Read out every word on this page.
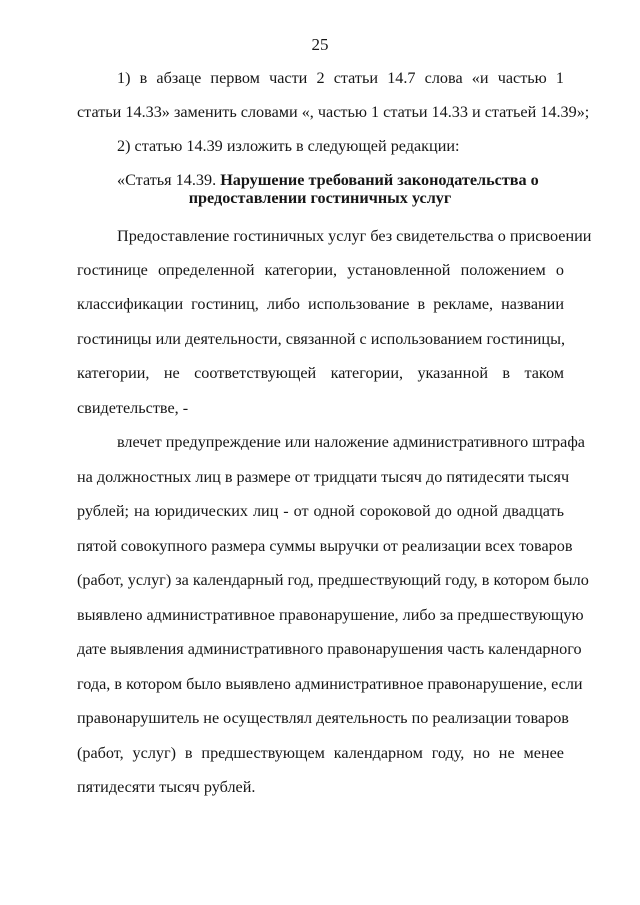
25
1) в абзаце первом части 2 статьи 14.7 слова «и частью 1
статьи 14.33» заменить словами «, частью 1 статьи 14.33 и статьей 14.39»;
2) статью 14.39 изложить в следующей редакции:
«Статья 14.39. Нарушение требований законодательства о
предоставлении гостиничных услуг
Предоставление гостиничных услуг без свидетельства о присвоении
гостинице определенной категории, установленной положением о
классификации гостиниц, либо использование в рекламе, названии
гостиницы или деятельности, связанной с использованием гостиницы,
категории, не соответствующей категории, указанной в таком
свидетельстве, -
влечет предупреждение или наложение административного штрафа
на должностных лиц в размере от тридцати тысяч до пятидесяти тысяч
рублей; на юридических лиц - от одной сороковой до одной двадцать
пятой совокупного размера суммы выручки от реализации всех товаров
(работ, услуг) за календарный год, предшествующий году, в котором было
выявлено административное правонарушение, либо за предшествующую
дате выявления административного правонарушения часть календарного
года, в котором было выявлено административное правонарушение, если
правонарушитель не осуществлял деятельность по реализации товаров
(работ, услуг) в предшествующем календарном году, но не менее
пятидесяти тысяч рублей.
